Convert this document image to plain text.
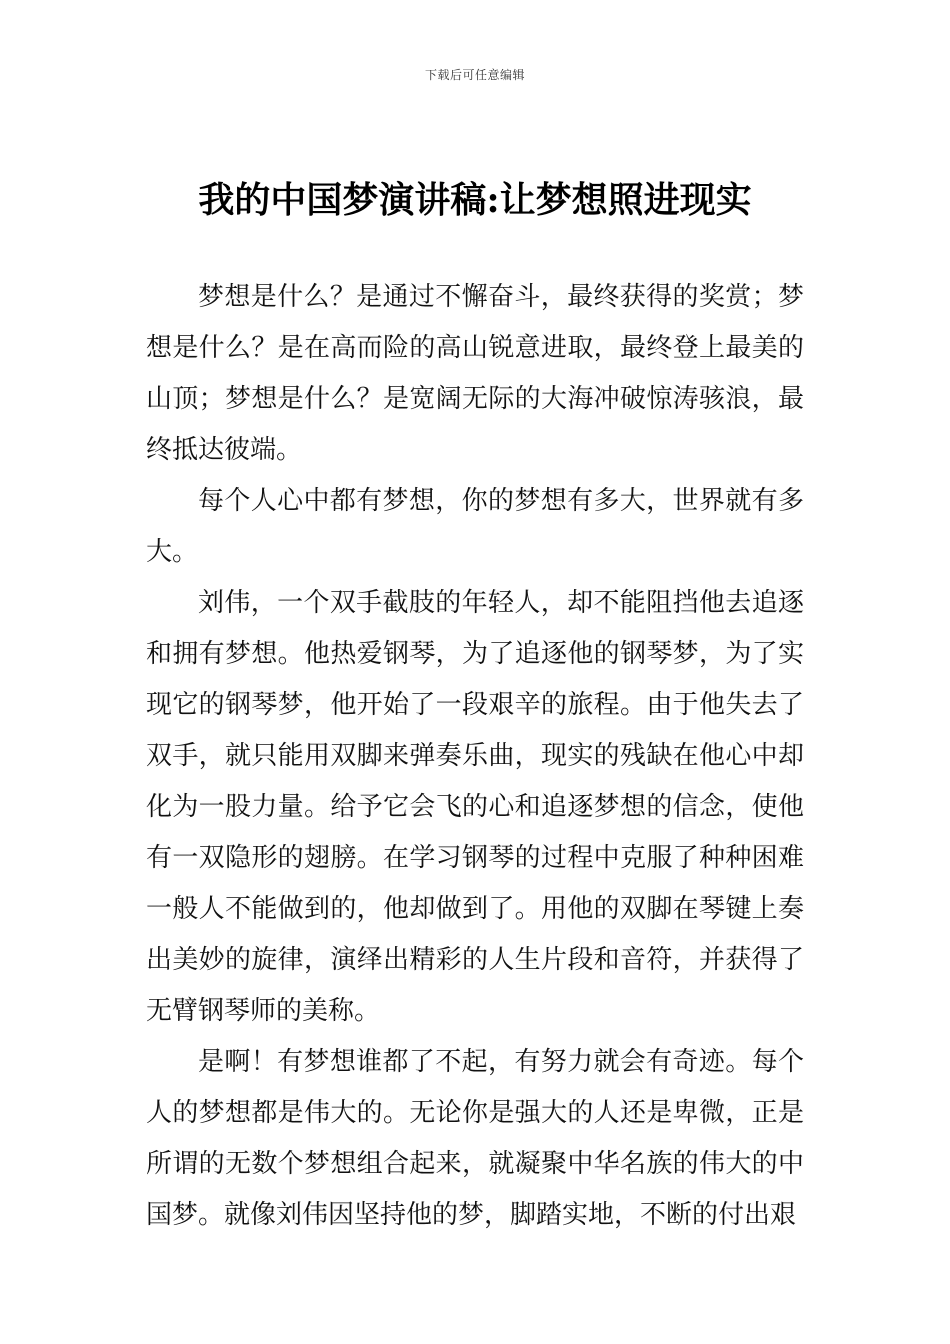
下载后可任意编辑
我的中国梦演讲稿:让梦想照进现实

梦想是什么？是通过不懈奋斗，最终获得的奖赏；梦想是什么？是在高而险的高山锐意进取，最终登上最美的山顶；梦想是什么？是宽阔无际的大海冲破惊涛骇浪，最终抵达彼端。

每个人心中都有梦想，你的梦想有多大，世界就有多大。

刘伟，一个双手截肢的年轻人，却不能阻挡他去追逐和拥有梦想。他热爱钢琴，为了追逐他的钢琴梦，为了实现它的钢琴梦，他开始了一段艰辛的旅程。由于他失去了双手，就只能用双脚来弹奏乐曲，现实的残缺在他心中却化为一股力量。给予它会飞的心和追逐梦想的信念，使他有一双隐形的翅膀。在学习钢琴的过程中克服了种种困难一般人不能做到的，他却做到了。用他的双脚在琴键上奏出美妙的旋律，演绎出精彩的人生片段和音符，并获得了无臂钢琴师的美称。

是啊！有梦想谁都了不起，有努力就会有奇迹。每个人的梦想都是伟大的。无论你是强大的人还是卑微，正是所谓的无数个梦想组合起来，就凝聚中华名族的伟大的中国梦。就像刘伟因坚持他的梦，脚踏实地，不断的付出艰
